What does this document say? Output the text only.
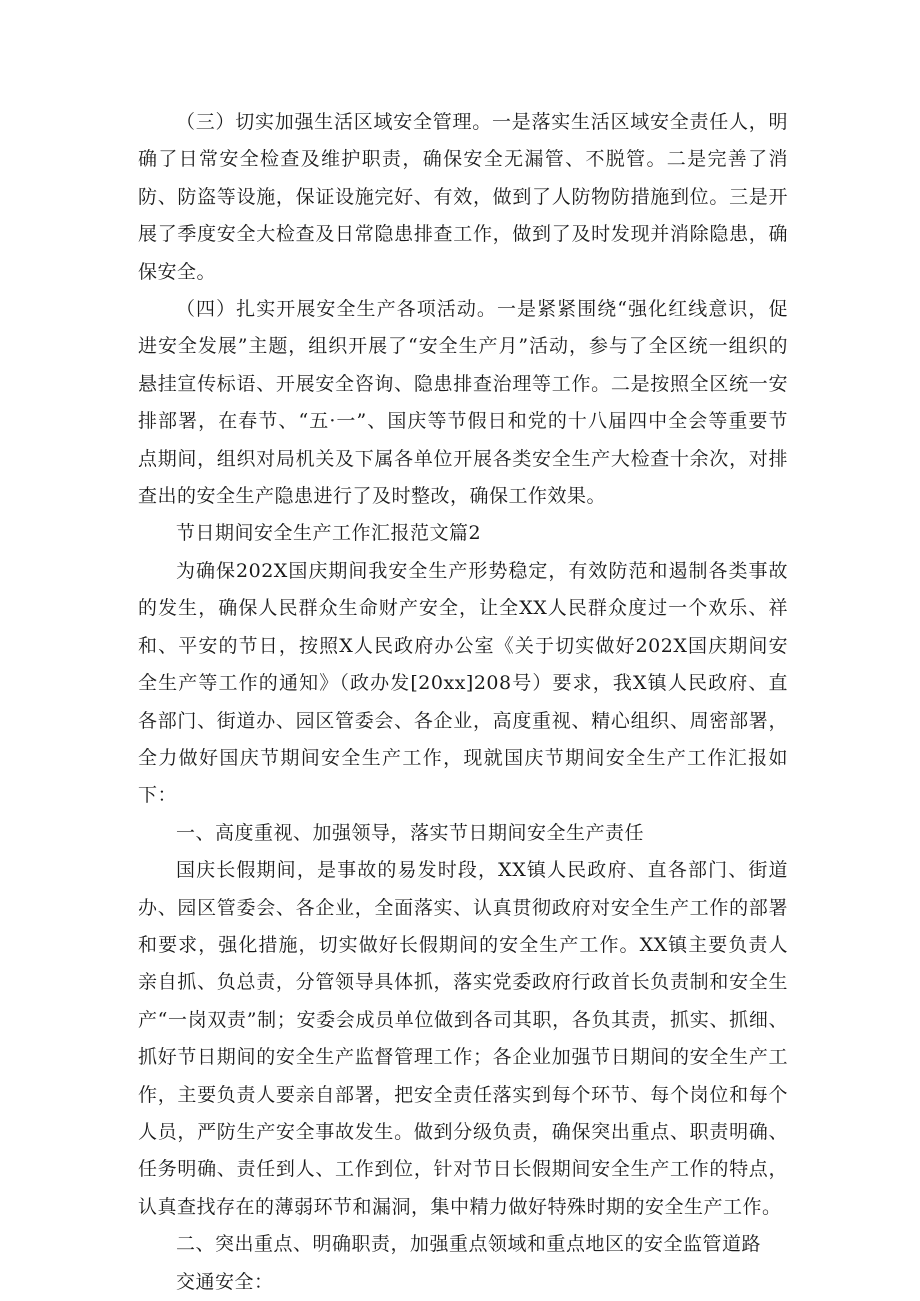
（三）切实加强生活区域安全管理。一是落实生活区域安全责任人，明确了日常安全检查及维护职责，确保安全无漏管、不脱管。二是完善了消防、防盗等设施，保证设施完好、有效，做到了人防物防措施到位。三是开展了季度安全大检查及日常隐患排查工作，做到了及时发现并消除隐患，确保安全。

（四）扎实开展安全生产各项活动。一是紧紧围绕“强化红线意识，促进安全发展”主题，组织开展了“安全生产月”活动，参与了全区统一组织的悬挂宣传标语、开展安全咨询、隐患排查治理等工作。二是按照全区统一安排部署，在春节、“五·一”、国庆等节假日和党的十八届四中全会等重要节点期间，组织对局机关及下属各单位开展各类安全生产大检查十余次，对排查出的安全生产隐患进行了及时整改，确保工作效果。

节日期间安全生产工作汇报范文篇2

为确保202X国庆期间我安全生产形势稳定，有效防范和遏制各类事故的发生，确保人民群众生命财产安全，让全XX人民群众度过一个欢乐、祥和、平安的节日，按照X人民政府办公室《关于切实做好202X国庆期间安全生产等工作的通知》（政办发[20xx]208号）要求，我X镇人民政府、直各部门、街道办、园区管委会、各企业，高度重视、精心组织、周密部署，全力做好国庆节期间安全生产工作，现就国庆节期间安全生产工作汇报如下：

一、高度重视、加强领导，落实节日期间安全生产责任

国庆长假期间，是事故的易发时段，XX镇人民政府、直各部门、街道办、园区管委会、各企业，全面落实、认真贯彻政府对安全生产工作的部署和要求，强化措施，切实做好长假期间的安全生产工作。XX镇主要负责人亲自抓、负总责，分管领导具体抓，落实党委政府行政首长负责制和安全生产“一岗双责”制；安委会成员单位做到各司其职，各负其责，抓实、抓细、抓好节日期间的安全生产监督管理工作；各企业加强节日期间的安全生产工作，主要负责人要亲自部署，把安全责任落实到每个环节、每个岗位和每个人员，严防生产安全事故发生。做到分级负责，确保突出重点、职责明确、任务明确、责任到人、工作到位，针对节日长假期间安全生产工作的特点，认真查找存在的薄弱环节和漏洞，集中精力做好特殊时期的安全生产工作。

二、突出重点、明确职责，加强重点领域和重点地区的安全监管道路

交通安全：
